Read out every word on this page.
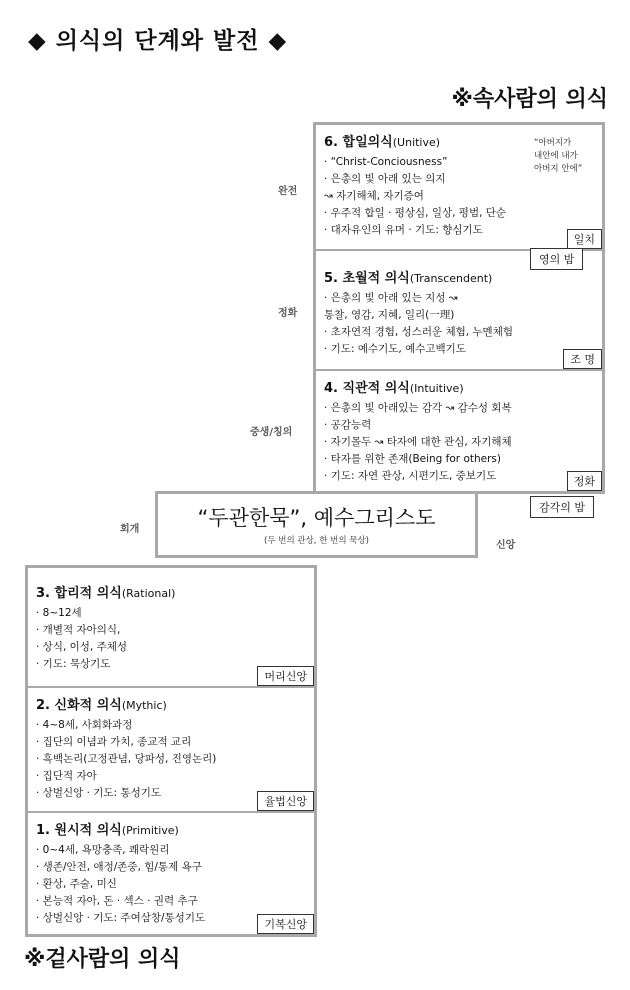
◆ 의식의 단계와 발전 ◆
※속사람의 의식
6. 합일의식(Unitive)
· “Christ-Conciousness”
· 은총의 빛 아래 있는 의지
↝ 자기해체, 자기증여
· 우주적 합일 · 평상심, 일상, 평범, 단순
· 대자유인의 유머 · 기도: 향심기도
“아버지가
내안에 내가
아버지 안에”
일치
5. 초월적 의식(Transcendent)
· 은총의 빛 아래 있는 지성 ↝
통찰, 영감, 지혜, 일리(一理)
· 초자연적 경험, 성스러운 체험, 누멘체험
· 기도: 예수기도, 예수고백기도
조 명
4. 직관적 의식(Intuitive)
· 은총의 빛 아래있는 감각 ↝ 감수성 회복
· 공감능력
· 자기몰두 ↝ 타자에 대한 관심, 자기해체
· 타자를 위한 존재(Being for others)
· 기도: 자연 관상, 시편기도, 중보기도	정화
영의 밤
감각의 밤
완전
정화
중생/칭의
회개
신앙
“두관한묵”, 예수그리스도
(두 번의 관상, 한 번의 묵상)
3. 합리적 의식(Rational)
· 8~12세
· 개별적 자아의식,
· 상식, 이성, 주체성
· 기도: 묵상기도
머리신앙
2. 신화적 의식(Mythic)
· 4~8세, 사회화과정
· 집단의 이념과 가치, 종교적 교리
· 흑백논리(고정관념, 당파성, 진영논리)
· 집단적 자아
· 상벌신앙 · 기도: 통성기도
율법신앙
1. 원시적 의식(Primitive)
· 0~4세, 욕망충족, 쾌락원리
· 생존/안전, 애정/존중, 힘/통제 욕구
· 환상, 주술, 미신
· 본능적 자아, 돈 · 섹스 · 권력 추구
· 상벌신앙 · 기도: 주여삼창/통성기도	기복신앙
※겉사람의 의식
